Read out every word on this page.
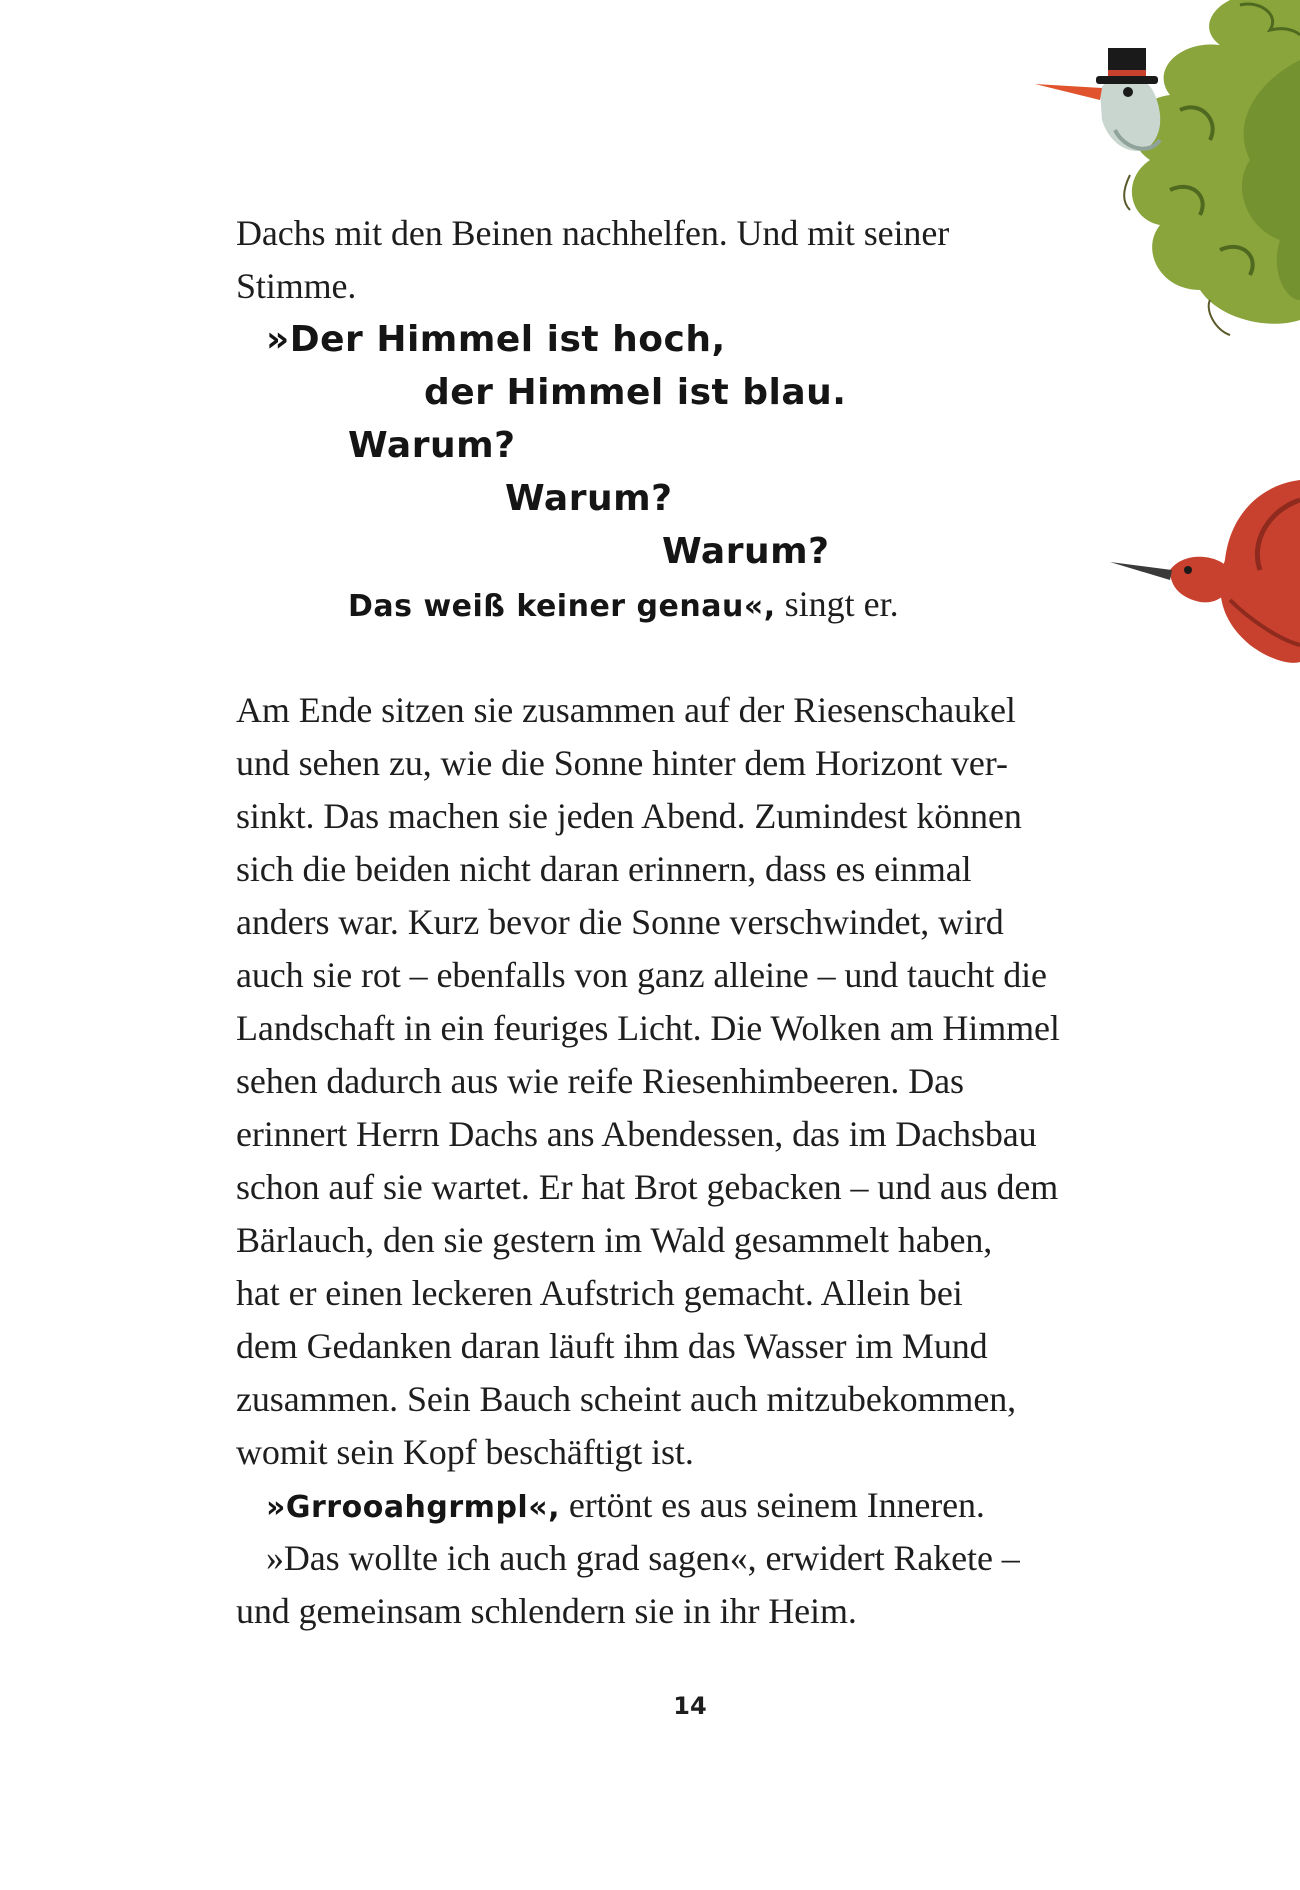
Dachs mit den Beinen nachhelfen. Und mit seiner
Stimme.
»Der Himmel ist hoch,
der Himmel ist blau.
Warum?
Warum?
Warum?
Das weiß keiner genau«, singt er.
Am Ende sitzen sie zusammen auf der Riesenschaukel
und sehen zu, wie die Sonne hinter dem Horizont ver-
sinkt. Das machen sie jeden Abend. Zumindest können
sich die beiden nicht daran erinnern, dass es einmal
anders war. Kurz bevor die Sonne verschwindet, wird
auch sie rot – ebenfalls von ganz alleine – und taucht die
Landschaft in ein feuriges Licht. Die Wolken am Himmel
sehen dadurch aus wie reife Riesenhimbeeren. Das
erinnert Herrn Dachs ans Abendessen, das im Dachsbau
schon auf sie wartet. Er hat Brot gebacken – und aus dem
Bärlauch, den sie gestern im Wald gesammelt haben,
hat er einen leckeren Aufstrich gemacht. Allein bei
dem Gedanken daran läuft ihm das Wasser im Mund
zusammen. Sein Bauch scheint auch mitzubekommen,
womit sein Kopf beschäftigt ist.
»Grrooahgrmpl«, ertönt es aus seinem Inneren.
»Das wollte ich auch grad sagen«, erwidert Rakete –
und gemeinsam schlendern sie in ihr Heim.
14
